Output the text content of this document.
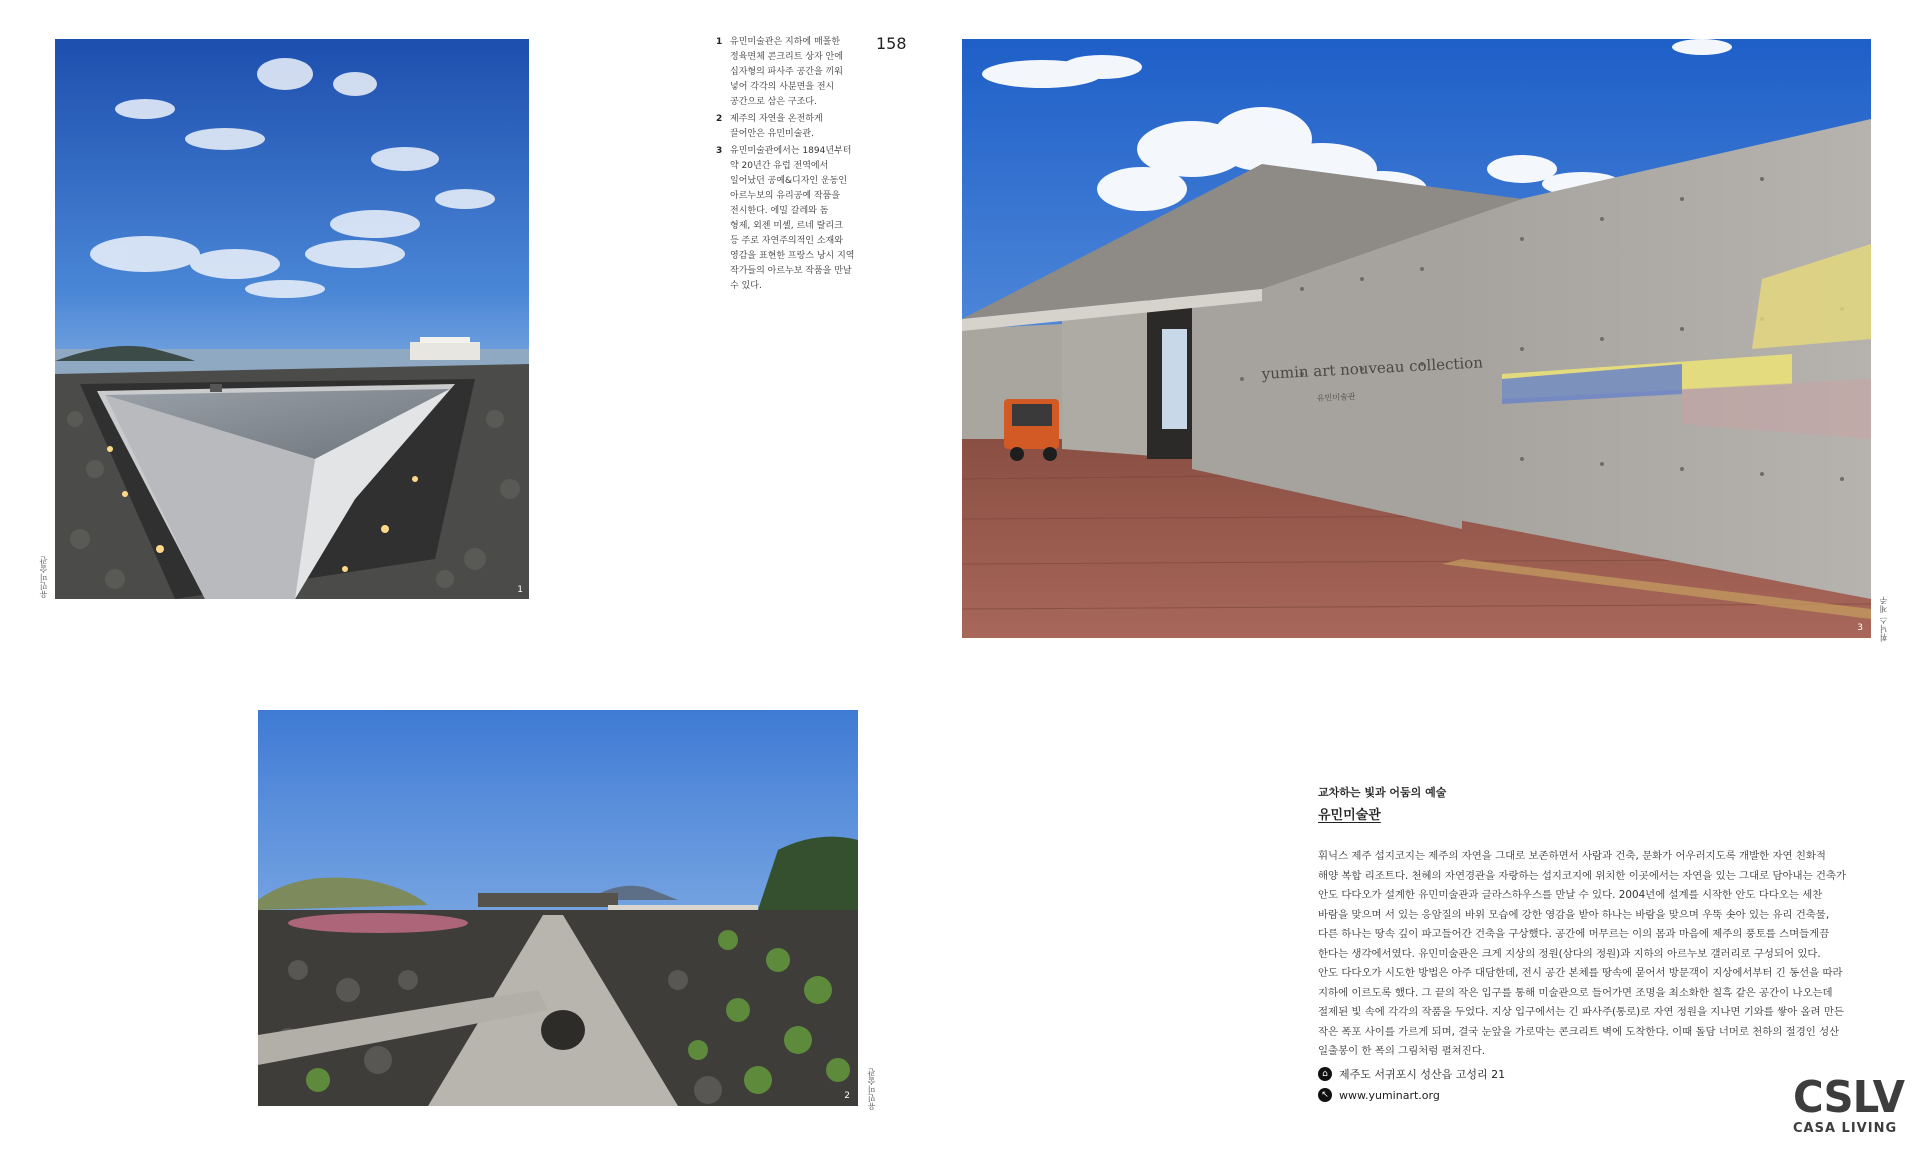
1
유민미술관
1 유민미술관은 지하에 매몰한
정육면체 콘크리트 상자 안에
십자형의 파사주 공간을 끼워
넣어 각각의 사분면을 전시
공간으로 삼은 구조다.
2 제주의 자연을 온전하게
끌어안은 유민미술관.
3 유민미술관에서는 1894년부터
약 20년간 유럽 전역에서
일어났던 공예&디자인 운동인
아르누보의 유리공예 작품을
전시한다. 에밀 갈레와 돔
형제, 외젠 미셸, 르네 랄리크
등 주로 자연주의적인 소재와
영감을 표현한 프랑스 낭시 지역
작가들의 아르누보 작품을 만날
수 있다.
158
yumin art nouveau collection
유민미술관
3 휘닉스 제주
2 유민미술관
교차하는 빛과 어둠의 예술
유민미술관
휘닉스 제주 섭지코지는 제주의 자연을 그대로 보존하면서 사람과 건축, 문화가 어우러지도록 개발한 자연 친화적
해양 복합 리조트다. 천혜의 자연경관을 자랑하는 섭지코지에 위치한 이곳에서는 자연을 있는 그대로 담아내는 건축가
안도 다다오가 설계한 유민미술관과 글라스하우스를 만날 수 있다. 2004년에 설계를 시작한 안도 다다오는 세찬
바람을 맞으며 서 있는 응암질의 바위 모습에 강한 영감을 받아 하나는 바람을 맞으며 우뚝 솟아 있는 유리 건축물,
다른 하나는 땅속 깊이 파고들어간 건축을 구상했다. 공간에 머무르는 이의 몸과 마음에 제주의 풍토를 스며들게끔
한다는 생각에서였다. 유민미술관은 크게 지상의 정원(삼다의 정원)과 지하의 아르누보 갤러리로 구성되어 있다.
안도 다다오가 시도한 방법은 아주 대담한데, 전시 공간 본체를 땅속에 묻어서 방문객이 지상에서부터 긴 동선을 따라
지하에 이르도록 했다. 그 끝의 작은 입구를 통해 미술관으로 들어가면 조명을 최소화한 칠흑 같은 공간이 나오는데
절제된 빛 속에 각각의 작품을 두었다. 지상 입구에서는 긴 파사주(통로)로 자연 정원을 지나면 기와를 쌓아 올려 만든
작은 폭포 사이를 가르게 되며, 결국 눈앞을 가로막는 콘크리트 벽에 도착한다. 이때 돌담 너머로 천하의 절경인 성산
일출봉이 한 폭의 그림처럼 펼쳐진다.
⌂	제주도 서귀포시 성산읍 고성리 21
↖ www.yuminart.org	CSLV
CASA LIVING
